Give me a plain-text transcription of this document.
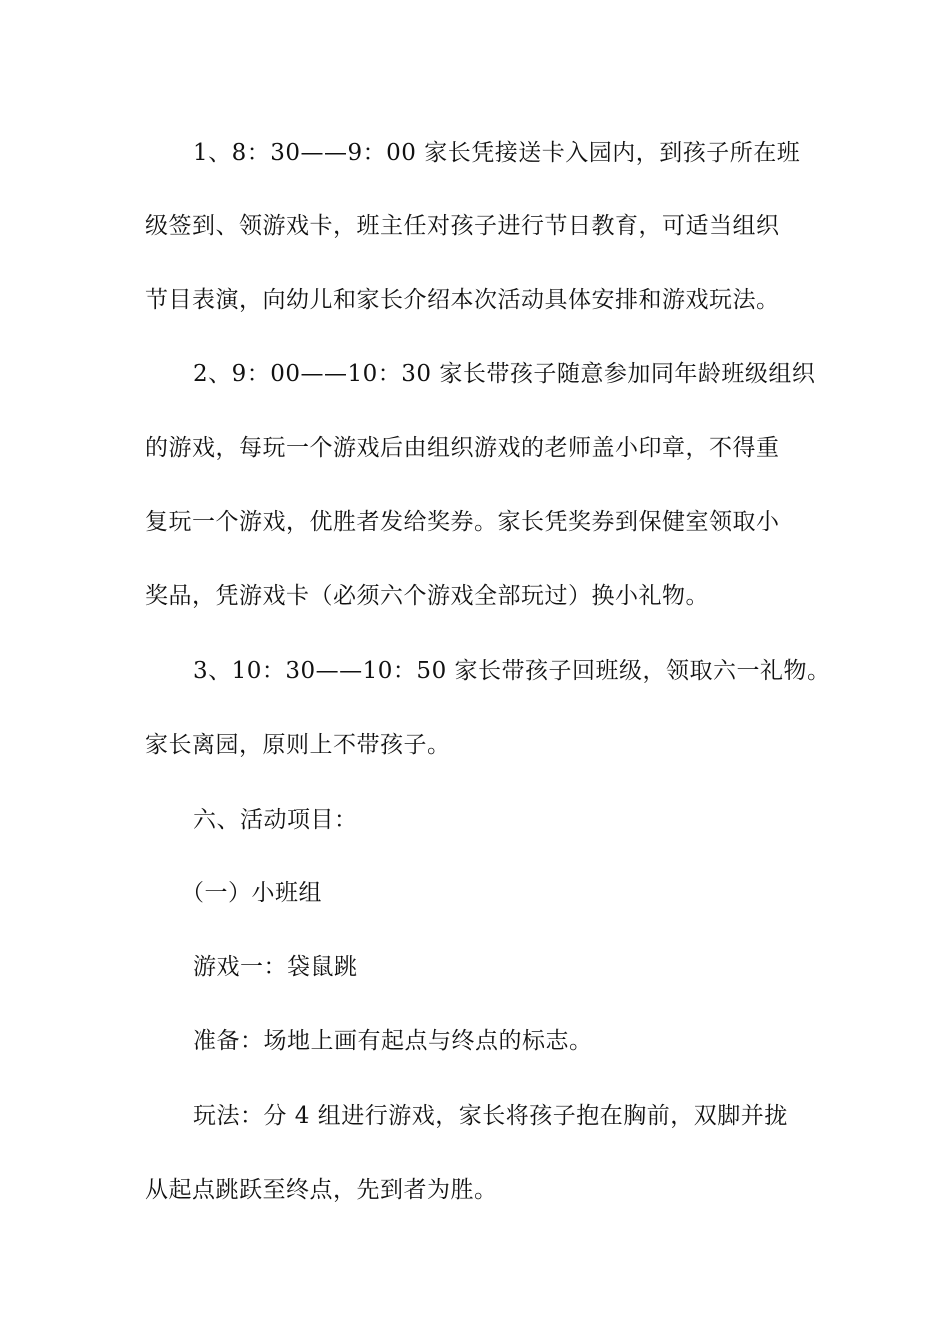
1、8：30——9：00 家长凭接送卡入园内，到孩子所在班

级签到、领游戏卡，班主任对孩子进行节日教育，可适当组织

节目表演，向幼儿和家长介绍本次活动具体安排和游戏玩法。

2、9：00——10：30 家长带孩子随意参加同年龄班级组织

的游戏，每玩一个游戏后由组织游戏的老师盖小印章，不得重

复玩一个游戏，优胜者发给奖券。家长凭奖券到保健室领取小

奖品，凭游戏卡（必须六个游戏全部玩过）换小礼物。

3、10：30——10：50 家长带孩子回班级，领取六一礼物。

家长离园，原则上不带孩子。

六、活动项目：

（一）小班组

游戏一：袋鼠跳

准备：场地上画有起点与终点的标志。

玩法：分 4 组进行游戏，家长将孩子抱在胸前，双脚并拢

从起点跳跃至终点，先到者为胜。
